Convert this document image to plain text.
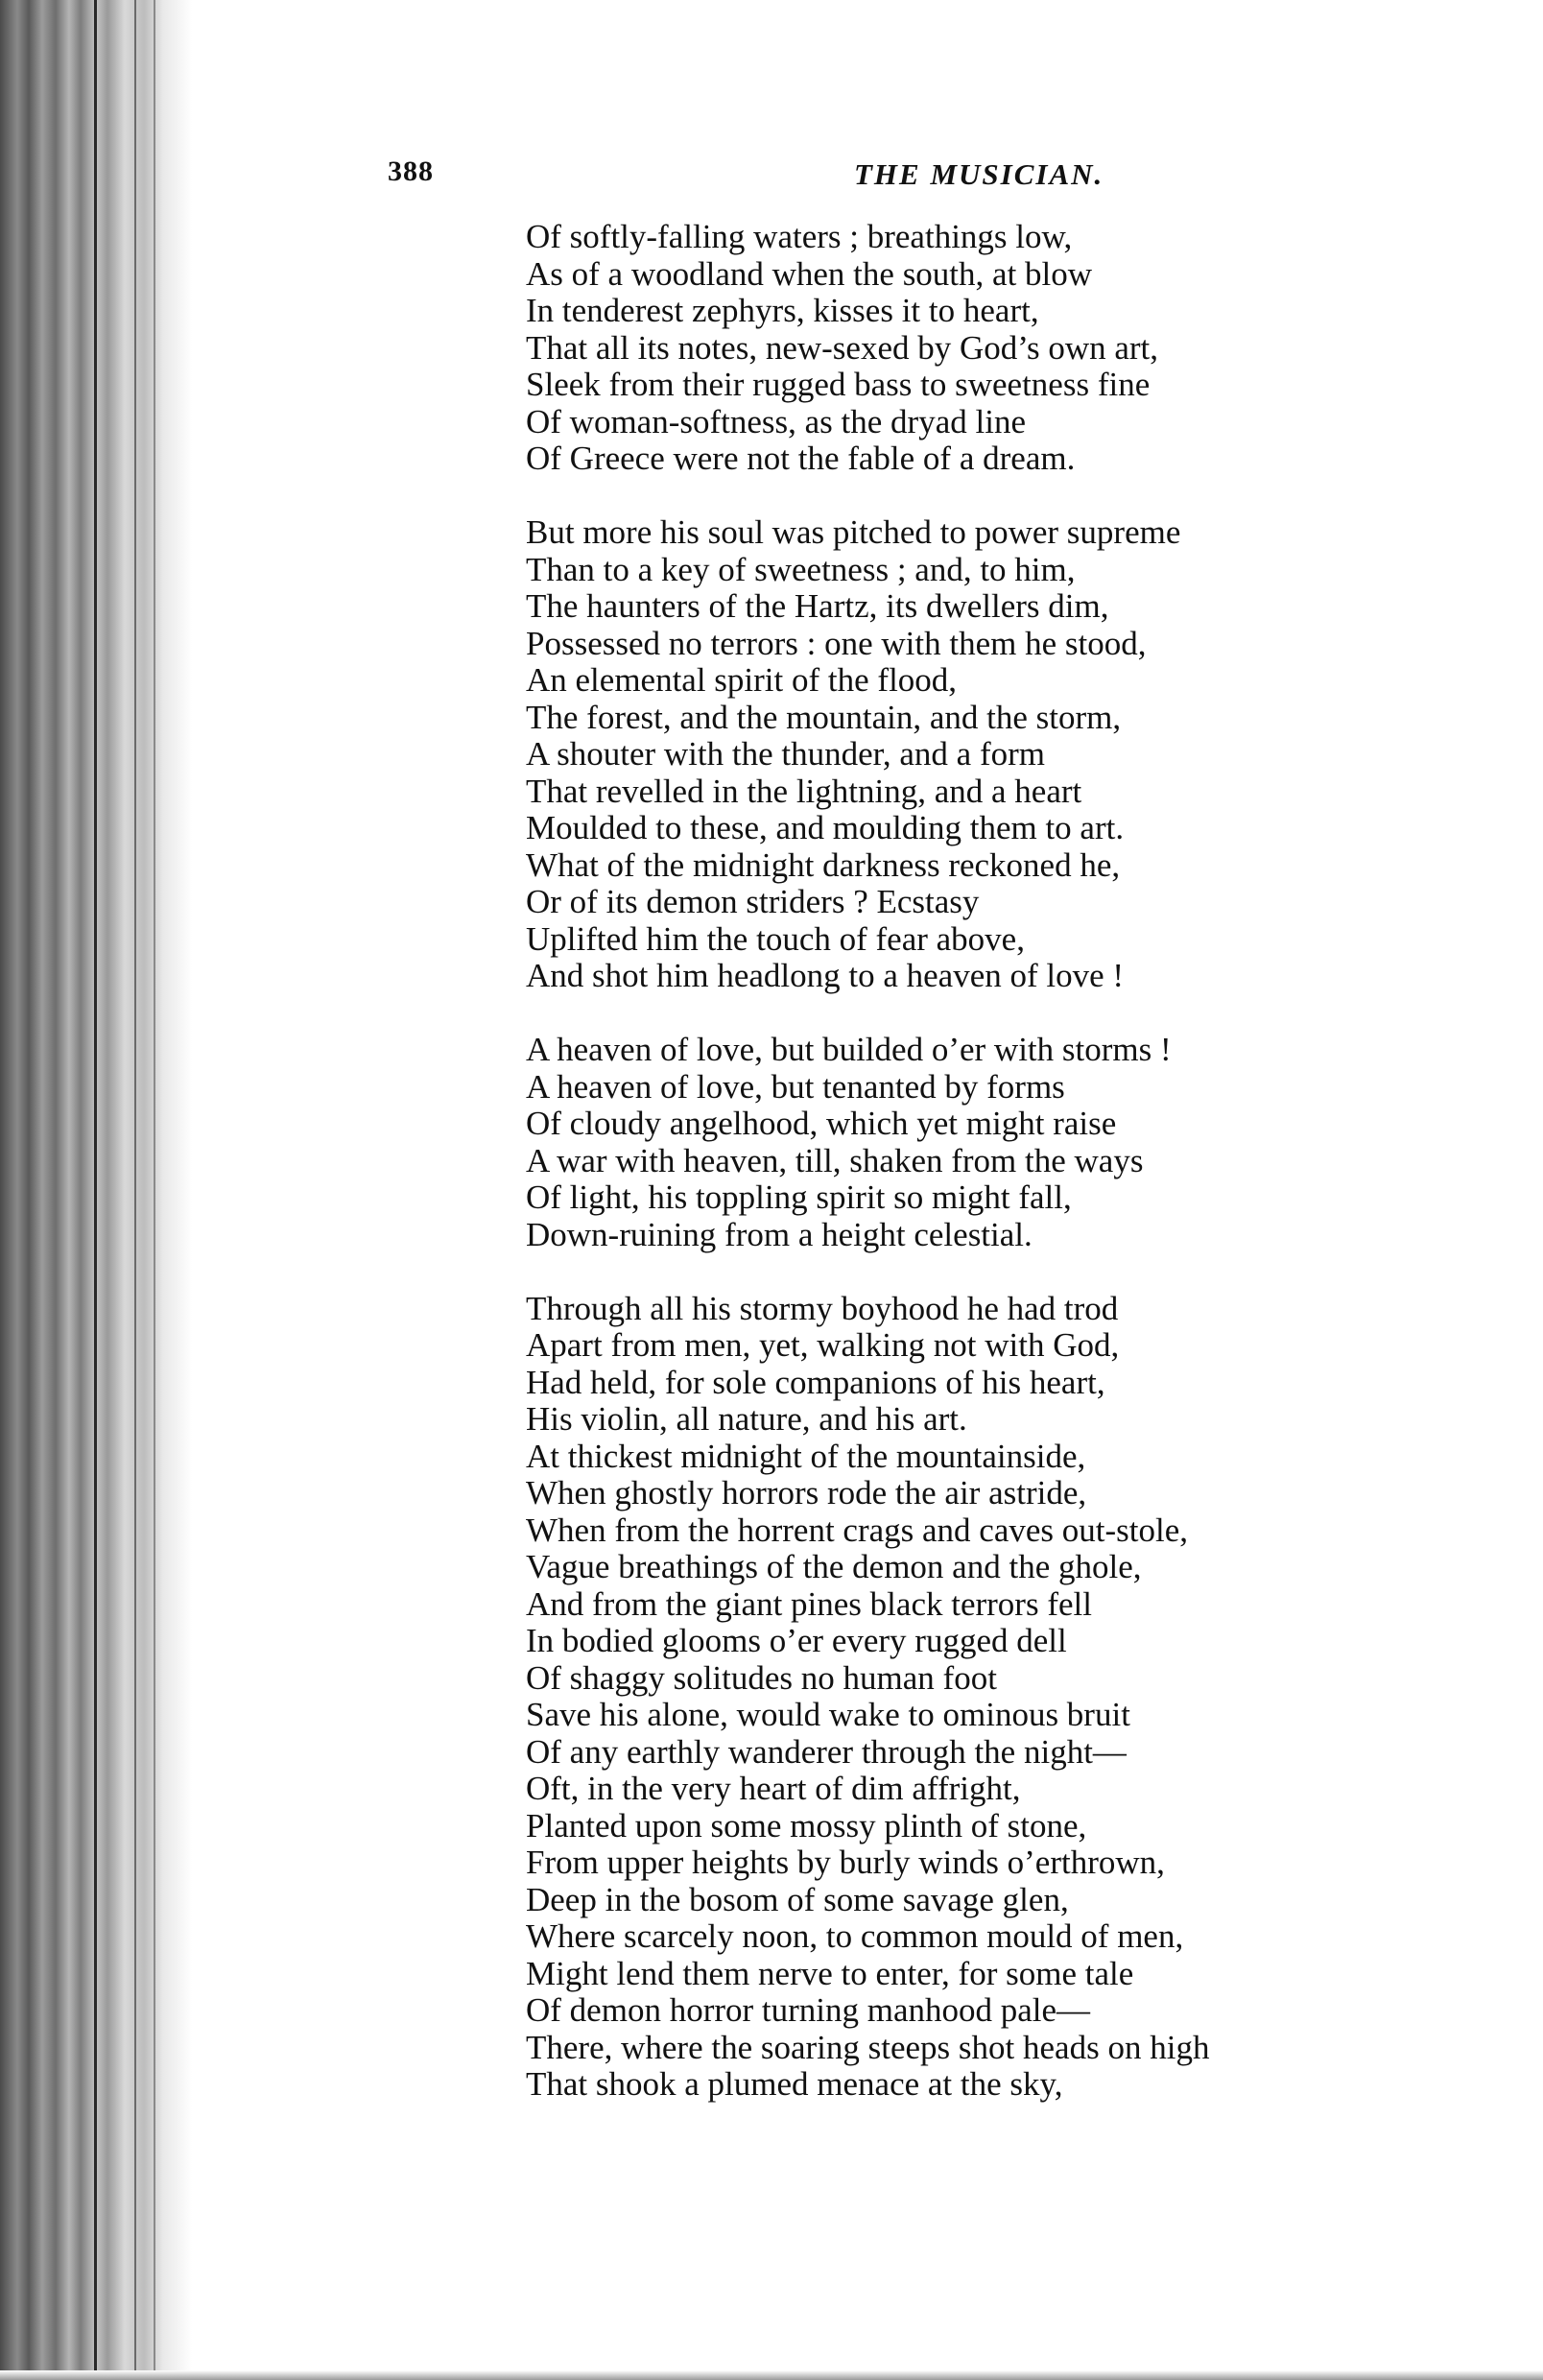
388	THE MUSICIAN.
Of softly-falling waters ; breathings low,
As of a woodland when the south, at blow
In tenderest zephyrs, kisses it to heart,
That all its notes, new-sexed by God’s own art,
Sleek from their rugged bass to sweetness fine
Of woman-softness, as the dryad line
Of Greece were not the fable of a dream.
But more his soul was pitched to power supreme
Than to a key of sweetness ; and, to him,
The haunters of the Hartz, its dwellers dim,
Possessed no terrors : one with them he stood,
An elemental spirit of the flood,
The forest, and the mountain, and the storm,
A shouter with the thunder, and a form
That revelled in the lightning, and a heart
Moulded to these, and moulding them to art.
What of the midnight darkness reckoned he,
Or of its demon striders ? Ecstasy
Uplifted him the touch of fear above,
And shot him headlong to a heaven of love !
A heaven of love, but builded o’er with storms !
A heaven of love, but tenanted by forms
Of cloudy angelhood, which yet might raise
A war with heaven, till, shaken from the ways
Of light, his toppling spirit so might fall,
Down-ruining from a height celestial.
Through all his stormy boyhood he had trod
Apart from men, yet, walking not with God,
Had held, for sole companions of his heart,
His violin, all nature, and his art.
At thickest midnight of the mountainside,
When ghostly horrors rode the air astride,
When from the horrent crags and caves out-stole,
Vague breathings of the demon and the ghole,
And from the giant pines black terrors fell
In bodied glooms o’er every rugged dell
Of shaggy solitudes no human foot
Save his alone, would wake to ominous bruit
Of any earthly wanderer through the night—
Oft, in the very heart of dim affright,
Planted upon some mossy plinth of stone,
From upper heights by burly winds o’erthrown,
Deep in the bosom of some savage glen,
Where scarcely noon, to common mould of men,
Might lend them nerve to enter, for some tale
Of demon horror turning manhood pale—
There, where the soaring steeps shot heads on high
That shook a plumed menace at the sky,
